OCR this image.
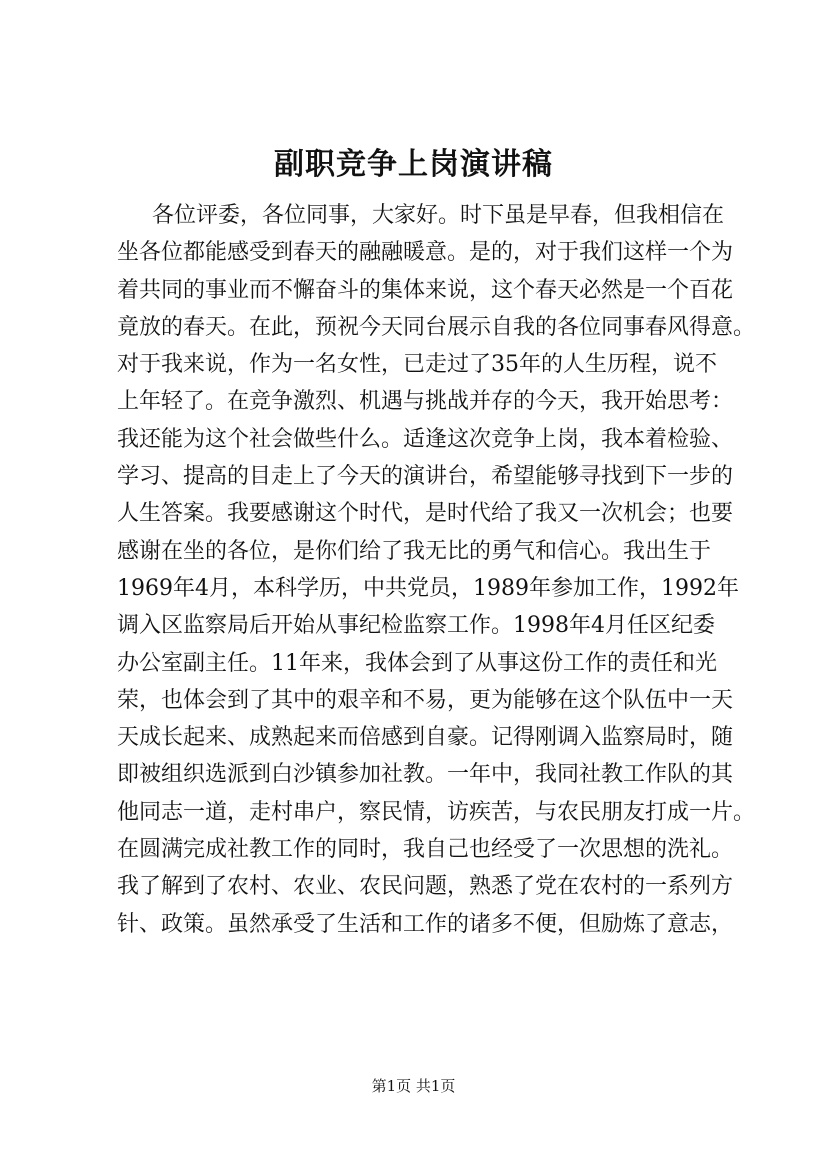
副职竞争上岗演讲稿
各位评委，各位同事，大家好。时下虽是早春，但我相信在
坐各位都能感受到春天的融融暖意。是的，对于我们这样一个为
着共同的事业而不懈奋斗的集体来说，这个春天必然是一个百花
竟放的春天。在此，预祝今天同台展示自我的各位同事春风得意。
对于我来说，作为一名女性，已走过了35年的人生历程，说不
上年轻了。在竞争激烈、机遇与挑战并存的今天，我开始思考：
我还能为这个社会做些什么。适逢这次竞争上岗，我本着检验、
学习、提高的目走上了今天的演讲台，希望能够寻找到下一步的
人生答案。我要感谢这个时代，是时代给了我又一次机会；也要
感谢在坐的各位，是你们给了我无比的勇气和信心。我出生于
1969年4月，本科学历，中共党员，1989年参加工作，1992年
调入区监察局后开始从事纪检监察工作。1998年4月任区纪委
办公室副主任。11年来，我体会到了从事这份工作的责任和光
荣，也体会到了其中的艰辛和不易，更为能够在这个队伍中一天
天成长起来、成熟起来而倍感到自豪。记得刚调入监察局时，随
即被组织选派到白沙镇参加社教。一年中，我同社教工作队的其
他同志一道，走村串户，察民情，访疾苦，与农民朋友打成一片。
在圆满完成社教工作的同时，我自己也经受了一次思想的洗礼。
我了解到了农村、农业、农民问题，熟悉了党在农村的一系列方
针、政策。虽然承受了生活和工作的诸多不便，但励炼了意志，
第1页 共1页
